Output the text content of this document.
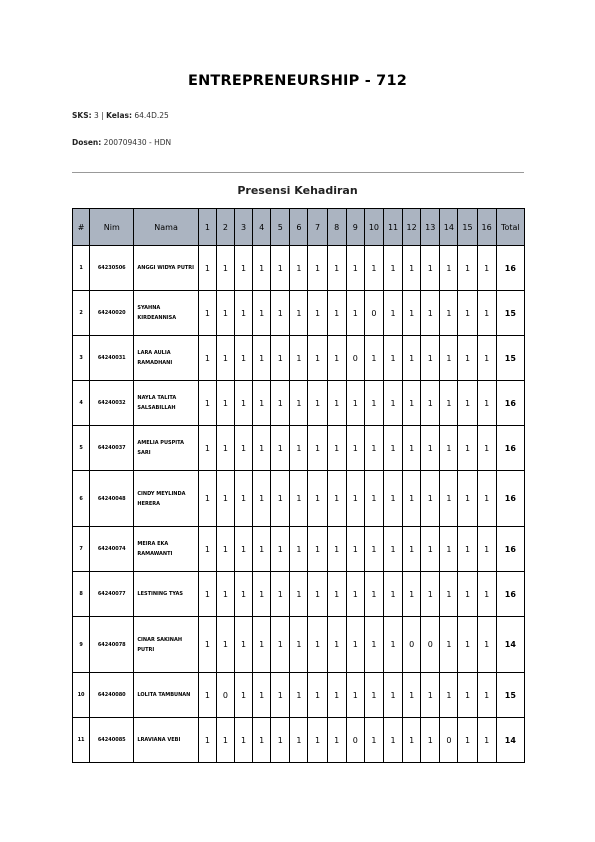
ENTREPRENEURSHIP - 712
SKS: 3 | Kelas: 64.4D.25
Dosen: 200709430 - HDN
Presensi Kehadiran
#	Nim	Nama	1	2	3	4	5	6	7	8	9	10	11	12	13	14	15	16	Total
1	64230506	ANGGI WIDYA PUTRI	1	1	1	1	1	1	1	1	1	1	1	1	1	1	1	1	16
2	64240020	SYAHNA KIRDEANNISA	1	1	1	1	1	1	1	1	1	0	1	1	1	1	1	1	15
3	64240031	LARA AULIA RAMADHANI	1	1	1	1	1	1	1	1	0	1	1	1	1	1	1	1	15
4	64240032	NAYLA TALITA SALSABILLAH	1	1	1	1	1	1	1	1	1	1	1	1	1	1	1	1	16
5	64240037	AMELIA PUSPITA SARI	1	1	1	1	1	1	1	1	1	1	1	1	1	1	1	1	16
6	64240048	CINDY MEYLINDA HERERA	1	1	1	1	1	1	1	1	1	1	1	1	1	1	1	1	16
7	64240074	MEIRA EKA RAMAWANTI	1	1	1	1	1	1	1	1	1	1	1	1	1	1	1	1	16
8	64240077	LESTINING TYAS	1	1	1	1	1	1	1	1	1	1	1	1	1	1	1	1	16
9	64240078	CINAR SAKINAH PUTRI	1	1	1	1	1	1	1	1	1	1	1	0	0	1	1	1	14
10	64240080	LOLITA TAMBUNAN	1	0	1	1	1	1	1	1	1	1	1	1	1	1	1	1	15
11	64240085	LRAVIANA VEBI	1	1	1	1	1	1	1	1	0	1	1	1	1	0	1	1	14
